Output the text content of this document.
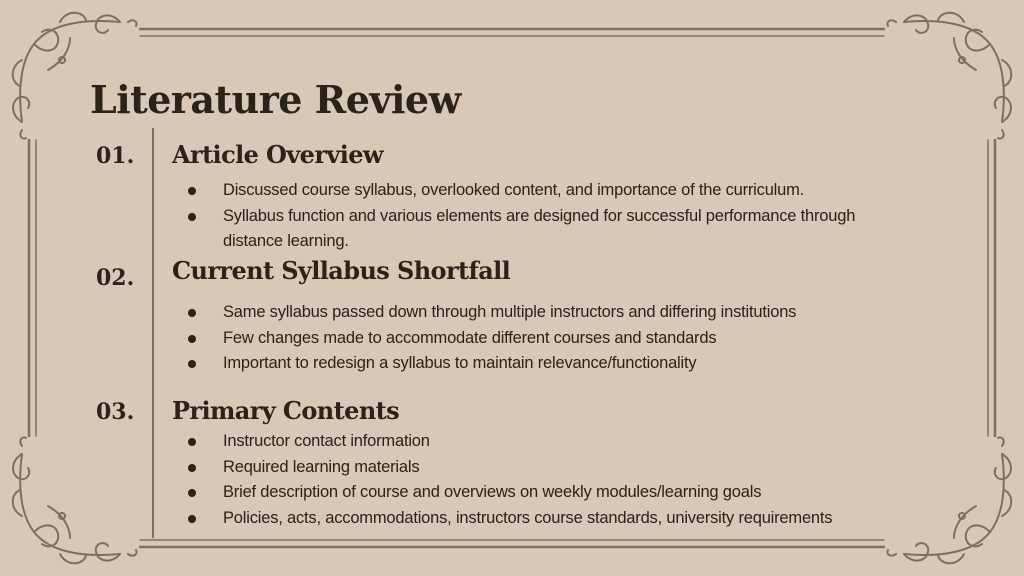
Literature Review
01. Article Overview
Discussed course syllabus, overlooked content, and importance of the curriculum.
Syllabus function and various elements are designed for successful performance through distance learning.
02. Current Syllabus Shortfall
Same syllabus passed down through multiple instructors and differing institutions
Few changes made to accommodate different courses and standards
Important to redesign a syllabus to maintain relevance/functionality
03. Primary Contents
Instructor contact information
Required learning materials
Brief description of course and overviews on weekly modules/learning goals
Policies, acts, accommodations, instructors course standards, university requirements
